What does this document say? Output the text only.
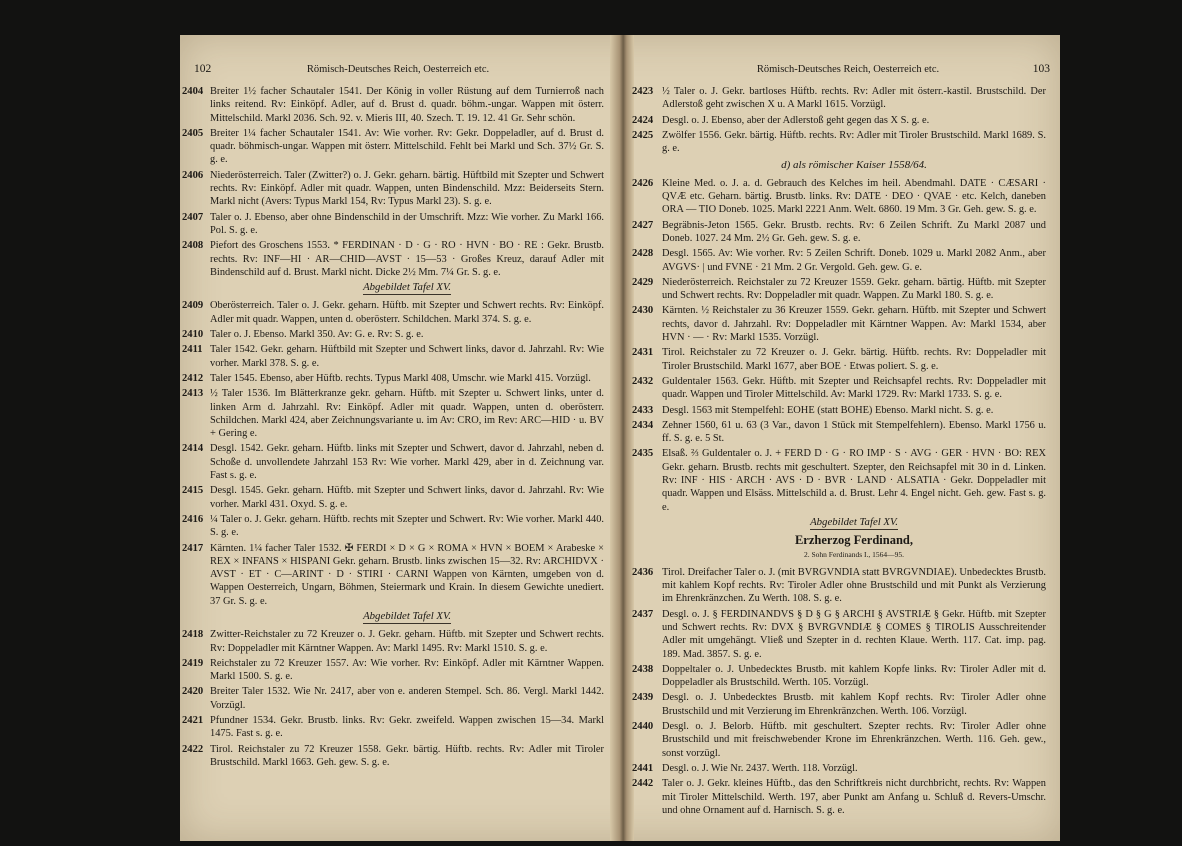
102	Römisch-Deutsches Reich, Oesterreich etc.
2404 Breiter 1½ facher Schautaler 1541. Der König in voller Rüstung auf dem Turnierroß nach links reitend. Rv: Einköpf. Adler, auf d. Brust d. quadr. böhm.-ungar. Wappen mit österr. Mittelschild. Markl 2036. Sch. 92. v. Mieris III, 40. Szech. T. 19. 12. 41 Gr. Sehr schön.
2405 Breiter 1¼ facher Schautaler 1541. Av: Wie vorher. Rv: Gekr. Doppeladler, auf d. Brust d. quadr. böhmisch-ungar. Wappen mit österr. Mittelschild. Fehlt bei Markl und Sch. 37½ Gr. S. g. e.
2406 Niederösterreich. Taler (Zwitter?) o. J. Gekr. geharn. bärtig. Hüftbild mit Szepter und Schwert rechts. Rv: Einköpf. Adler mit quadr. Wappen, unten Bindenschild. Mzz: Beiderseits Stern. Markl nicht (Avers: Typus Markl 154, Rv: Typus Markl 23). S. g. e.
2407 Taler o. J. Ebenso, aber ohne Bindenschild in der Umschrift. Mzz: Wie vorher. Zu Markl 166. Pol. S. g. e.
2408 Piefort des Groschens 1553. * FERDINAN · D · G · RO · HVN · BO · RE : Gekr. Brustb. rechts. Rv: INF—HI · AR—CHID—AVST · 15—53 · Großes Kreuz, darauf Adler mit Bindenschild auf d. Brust. Markl nicht. Dicke 2½ Mm. 7¼ Gr. S. g. e.
Abgebildet Tafel XV.
2409 Oberösterreich. Taler o. J. Gekr. geharn. Hüftb. mit Szepter und Schwert rechts. Rv: Einköpf. Adler mit quadr. Wappen, unten d. oberösterr. Schildchen. Markl 374. S. g. e.
2410 Taler o. J. Ebenso. Markl 350. Av: G. e. Rv: S. g. e.
2411 Taler 1542. Gekr. geharn. Hüftbild mit Szepter und Schwert links, davor d. Jahrzahl. Rv: Wie vorher. Markl 378. S. g. e.
2412 Taler 1545. Ebenso, aber Hüftb. rechts. Typus Markl 408, Umschr. wie Markl 415. Vorzügl.
2413 ½ Taler 1536. Im Blätterkranze gekr. geharn. Hüftb. mit Szepter u. Schwert links, unter d. linken Arm d. Jahrzahl. Rv: Einköpf. Adler mit quadr. Wappen, unten d. oberösterr. Schildchen. Markl 424, aber Zeichnungsvariante u. im Av: CRO, im Rev: ARC—HID · u. BV + Gering e.
2414 Desgl. 1542. Gekr. geharn. Hüftb. links mit Szepter und Schwert, davor d. Jahrzahl, neben d. Schoße d. unvollendete Jahrzahl 153 Rv: Wie vorher. Markl 429, aber in d. Zeichnung var. Fast s. g. e.
2415 Desgl. 1545. Gekr. geharn. Hüftb. mit Szepter und Schwert links, davor d. Jahrzahl. Rv: Wie vorher. Markl 431. Oxyd. S. g. e.
2416 ¼ Taler o. J. Gekr. geharn. Hüftb. rechts mit Szepter und Schwert. Rv: Wie vorher. Markl 440. S. g. e.
2417 Kärnten. 1¼ facher Taler 1532. ✠ FERDI × D × G × ROMA × HVN × BOEM × Arabeske × REX × INFANS × HISPANI Gekr. geharn. Brustb. links zwischen 15—32. Rv: ARCHIDVX · AVST · ET · C—ARINT · D · STIRI · CARNI Wappen von Kärnten, umgeben von d. Wappen Oesterreich, Ungarn, Böhmen, Steiermark und Krain. In diesem Gewichte unediert. 37 Gr. S. g. e.
Abgebildet Tafel XV.
2418 Zwitter-Reichstaler zu 72 Kreuzer o. J. Gekr. geharn. Hüftb. mit Szepter und Schwert rechts. Rv: Doppeladler mit Kärntner Wappen. Av: Markl 1495. Rv: Markl 1510. S. g. e.
2419 Reichstaler zu 72 Kreuzer 1557. Av: Wie vorher. Rv: Einköpf. Adler mit Kärntner Wappen. Markl 1500. S. g. e.
2420 Breiter Taler 1532. Wie Nr. 2417, aber von e. anderen Stempel. Sch. 86. Vergl. Markl 1442. Vorzügl.
2421 Pfundner 1534. Gekr. Brustb. links. Rv: Gekr. zweifeld. Wappen zwischen 15—34. Markl 1475. Fast s. g. e.
2422 Tirol. Reichstaler zu 72 Kreuzer 1558. Gekr. bärtig. Hüftb. rechts. Rv: Adler mit Tiroler Brustschild. Markl 1663. Geh. gew. S. g. e.
Römisch-Deutsches Reich, Oesterreich etc.	103
2423 ½ Taler o. J. Gekr. bartloses Hüftb. rechts. Rv: Adler mit österr.-kastil. Brustschild. Der Adlerstoß geht zwischen X u. A Markl 1615. Vorzügl.
2424 Desgl. o. J. Ebenso, aber der Adlerstoß geht gegen das X S. g. e.
2425 Zwölfer 1556. Gekr. bärtig. Hüftb. rechts. Rv: Adler mit Tiroler Brustschild. Markl 1689. S. g. e.
d) als römischer Kaiser 1558/64.
2426 Kleine Med. o. J. a. d. Gebrauch des Kelches im heil. Abendmahl. DATE · CÆSARI · QVÆ etc. Geharn. bärtig. Brustb. links. Rv: DATE · DEO · QVAE · etc. Kelch, daneben ORA — TIO Doneb. 1025. Markl 2221 Anm. Welt. 6860. 19 Mm. 3 Gr. Geh. gew. S. g. e.
2427 Begräbnis-Jeton 1565. Gekr. Brustb. rechts. Rv: 6 Zeilen Schrift. Zu Markl 2087 und Doneb. 1027. 24 Mm. 2½ Gr. Geh. gew. S. g. e.
2428 Desgl. 1565. Av: Wie vorher. Rv: 5 Zeilen Schrift. Doneb. 1029 u. Markl 2082 Anm., aber AVGVS· | und FVNE · 21 Mm. 2 Gr. Vergold. Geh. gew. G. e.
2429 Niederösterreich. Reichstaler zu 72 Kreuzer 1559. Gekr. geharn. bärtig. Hüftb. mit Szepter und Schwert rechts. Rv: Doppeladler mit quadr. Wappen. Zu Markl 180. S. g. e.
2430 Kärnten. ½ Reichstaler zu 36 Kreuzer 1559. Gekr. geharn. Hüftb. mit Szepter und Schwert rechts, davor d. Jahrzahl. Rv: Doppeladler mit Kärntner Wappen. Av: Markl 1534, aber HVN · — · Rv: Markl 1535. Vorzügl.
2431 Tirol. Reichstaler zu 72 Kreuzer o. J. Gekr. bärtig. Hüftb. rechts. Rv: Doppeladler mit Tiroler Brustschild. Markl 1677, aber BOE · Etwas poliert. S. g. e.
2432 Guldentaler 1563. Gekr. Hüftb. mit Szepter und Reichsapfel rechts. Rv: Doppeladler mit quadr. Wappen und Tiroler Mittelschild. Av: Markl 1729. Rv: Markl 1733. S. g. e.
2433 Desgl. 1563 mit Stempelfehl: EOHE (statt BOHE) Ebenso. Markl nicht. S. g. e.
2434 Zehner 1560, 61 u. 63 (3 Var., davon 1 Stück mit Stempelfehlern). Ebenso. Markl 1756 u. ff. S. g. e. 5 St.
2435 Elsaß. ⅔ Guldentaler o. J. + FERD D · G · RO IMP · S · AVG · GER · HVN · BO: REX Gekr. geharn. Brustb. rechts mit geschultert. Szepter, den Reichsapfel mit 30 in d. Linken. Rv: INF · HIS · ARCH · AVS · D · BVR · LAND · ALSATIA · Gekr. Doppeladler mit quadr. Wappen und Elsäss. Mittelschild a. d. Brust. Lehr 4. Engel nicht. Geh. gew. Fast s. g. e.
Abgebildet Tafel XV.
Erzherzog Ferdinand,
2. Sohn Ferdinands I., 1564—95.
2436 Tirol. Dreifacher Taler o. J. (mit BVRGVNDIA statt BVRGVNDIAE). Unbedecktes Brustb. mit kahlem Kopf rechts. Rv: Tiroler Adler ohne Brustschild und mit Punkt als Verzierung im Ehrenkränzchen. Zu Werth. 108. S. g. e.
2437 Desgl. o. J. § FERDINANDVS § D § G § ARCHI § AVSTRIÆ § Gekr. Hüftb. mit Szepter und Schwert rechts. Rv: DVX § BVRGVNDIÆ § COMES § TIROLIS Ausschreitender Adler mit umgehängt. Vließ und Szepter in d. rechten Klaue. Werth. 117. Cat. imp. pag. 189. Mad. 3857. S. g. e.
2438 Doppeltaler o. J. Unbedecktes Brustb. mit kahlem Kopfe links. Rv: Tiroler Adler mit d. Doppeladler als Brustschild. Werth. 105. Vorzügl.
2439 Desgl. o. J. Unbedecktes Brustb. mit kahlem Kopf rechts. Rv: Tiroler Adler ohne Brustschild und mit Verzierung im Ehrenkränzchen. Werth. 106. Vorzügl.
2440 Desgl. o. J. Belorb. Hüftb. mit geschultert. Szepter rechts. Rv: Tiroler Adler ohne Brustschild und mit freischwebender Krone im Ehrenkränzchen. Werth. 116. Geh. gew., sonst vorzügl.
2441 Desgl. o. J. Wie Nr. 2437. Werth. 118. Vorzügl.
2442 Taler o. J. Gekr. kleines Hüftb., das den Schriftkreis nicht durchbricht, rechts. Rv: Wappen mit Tiroler Mittelschild. Werth. 197, aber Punkt am Anfang u. Schluß d. Revers-Umschr. und ohne Ornament auf d. Harnisch. S. g. e.
